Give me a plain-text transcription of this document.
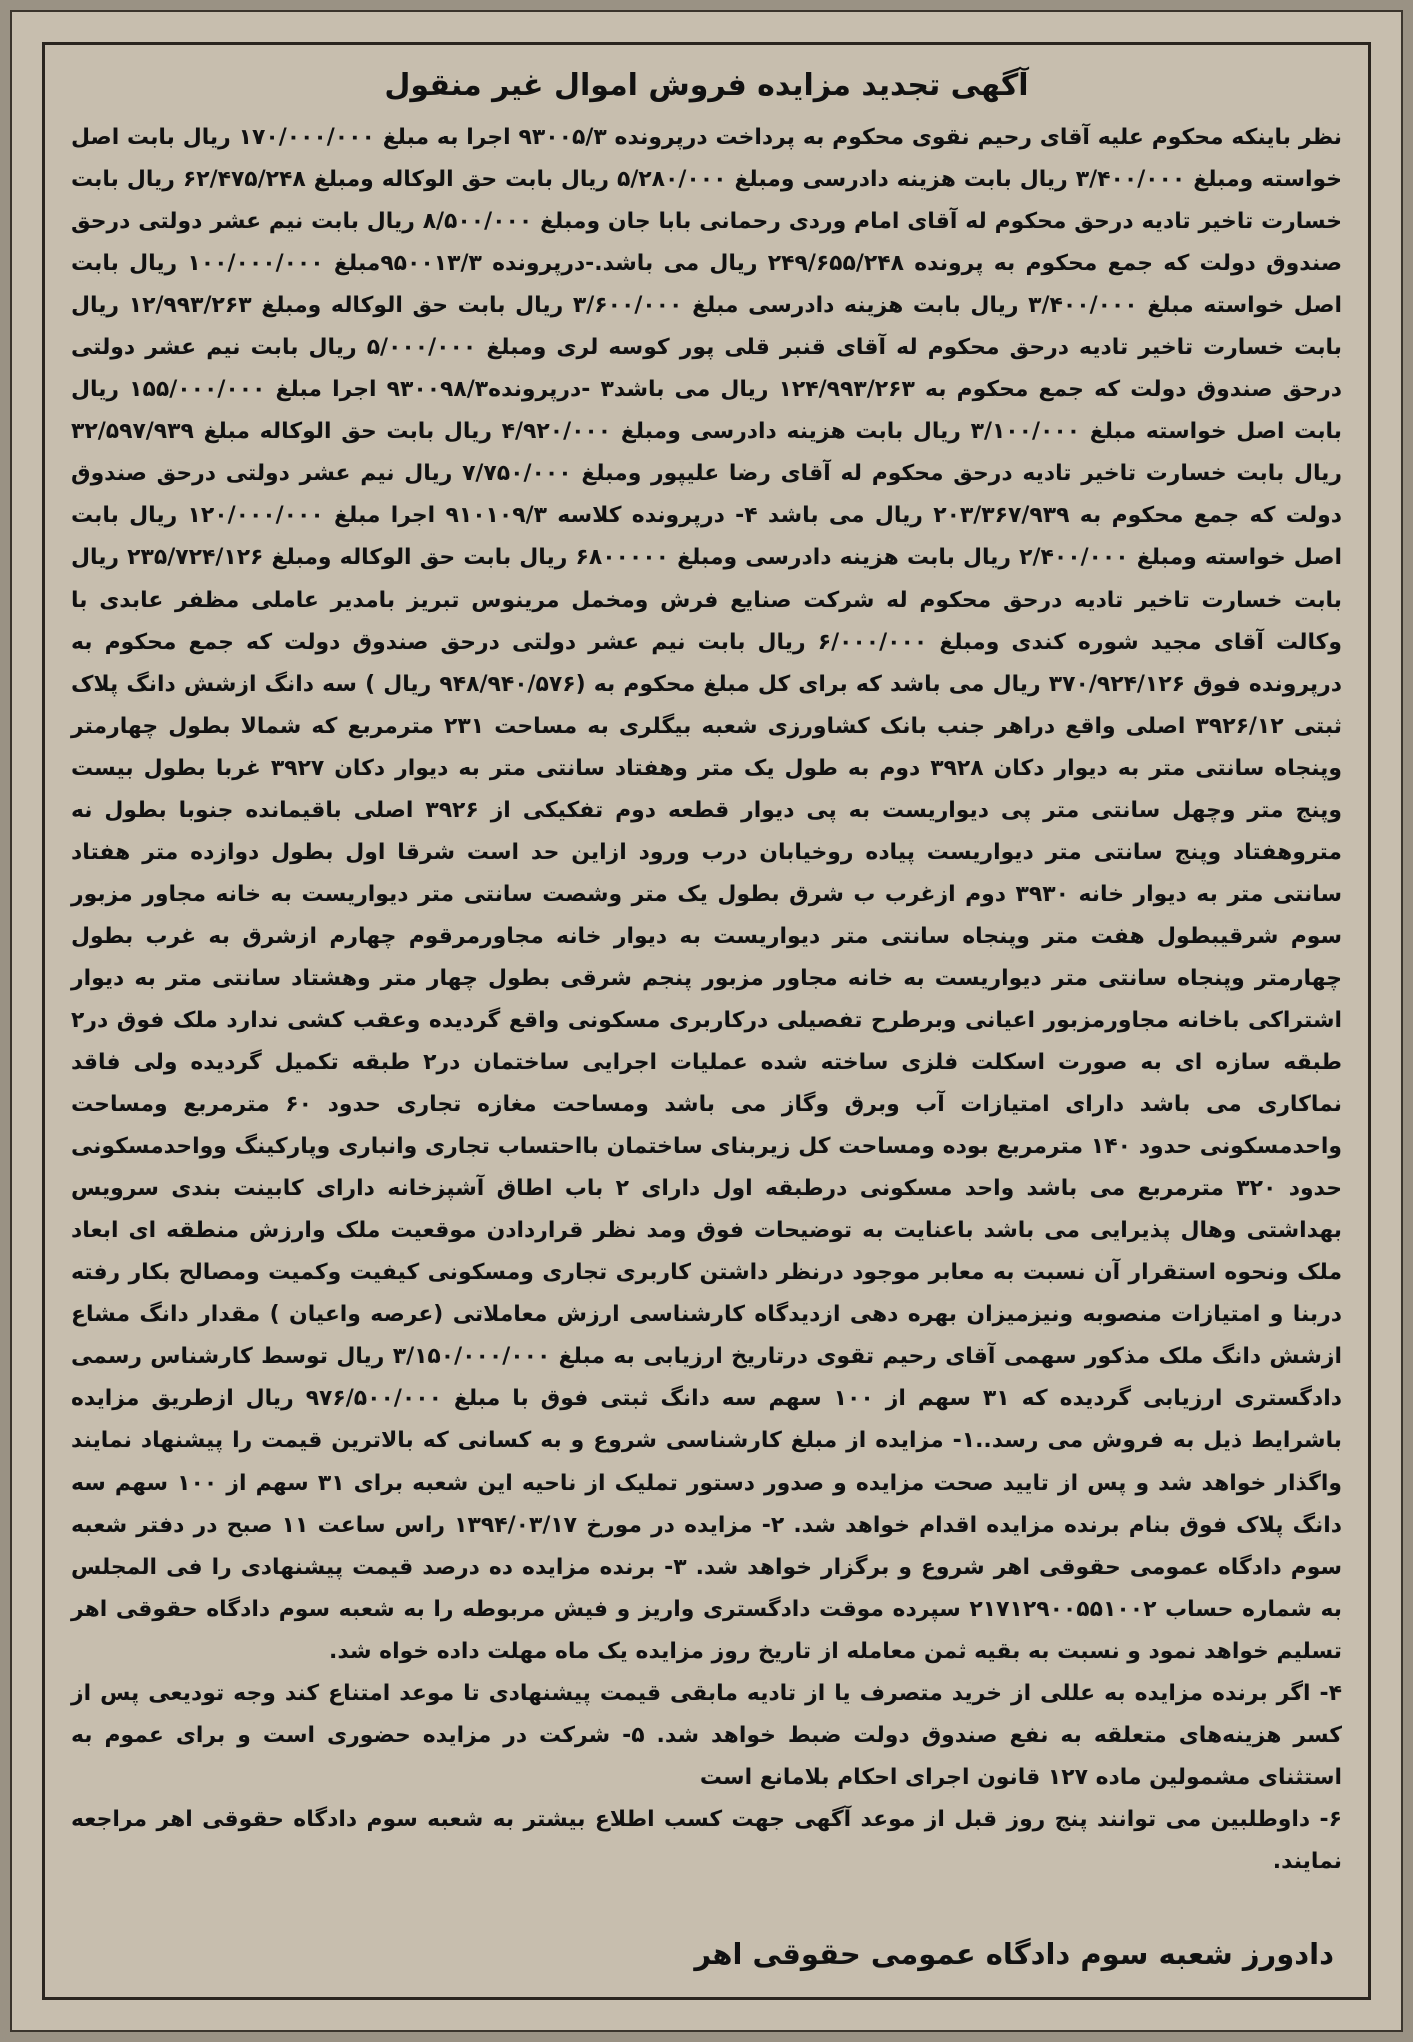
آگهی تجدید مزایده فروش اموال غیر منقول

نظر باینکه محکوم علیه آقای رحیم نقوی محکوم به پرداخت درپرونده ۹۳۰۰۵/۳ اجرا به مبلغ ۱۷۰/۰۰۰/۰۰۰ ریال بابت اصل خواسته ومبلغ ۳/۴۰۰/۰۰۰ ریال بابت هزینه دادرسی ومبلغ ۵/۲۸۰/۰۰۰ ریال بابت حق الوکاله ومبلغ ۶۲/۴۷۵/۲۴۸ ریال بابت خسارت تاخیر تادیه درحق محکوم له آقای امام وردی رحمانی بابا جان ومبلغ ۸/۵۰۰/۰۰۰ ریال بابت نیم عشر دولتی درحق صندوق دولت که جمع محکوم به پرونده ۲۴۹/۶۵۵/۲۴۸ ریال می باشد.-درپرونده ۹۵۰۰۱۳/۳مبلغ ۱۰۰/۰۰۰/۰۰۰ ریال بابت اصل خواسته مبلغ ۳/۴۰۰/۰۰۰ ریال بابت هزینه دادرسی مبلغ ۳/۶۰۰/۰۰۰ ریال بابت حق الوکاله ومبلغ ۱۲/۹۹۳/۲۶۳ ریال بابت خسارت تاخیر تادیه درحق محکوم له آقای قنبر قلی پور کوسه لری ومبلغ ۵/۰۰۰/۰۰۰ ریال بابت نیم عشر دولتی درحق صندوق دولت که جمع محکوم به ۱۲۴/۹۹۳/۲۶۳ ریال می باشد۳ -درپرونده۹۳۰۰۹۸/۳ اجرا مبلغ ۱۵۵/۰۰۰/۰۰۰ ریال بابت اصل خواسته مبلغ ۳/۱۰۰/۰۰۰ ریال بابت هزینه دادرسی ومبلغ ۴/۹۲۰/۰۰۰ ریال بابت حق الوکاله مبلغ ۳۲/۵۹۷/۹۳۹ ریال بابت خسارت تاخیر تادیه درحق محکوم له آقای رضا علیپور ومبلغ ۷/۷۵۰/۰۰۰ ریال نیم عشر دولتی درحق صندوق دولت که جمع محکوم به ۲۰۳/۳۶۷/۹۳۹ ریال می باشد ۴- درپرونده کلاسه ۹۱۰۱۰۹/۳ اجرا مبلغ ۱۲۰/۰۰۰/۰۰۰ ریال بابت اصل خواسته ومبلغ ۲/۴۰۰/۰۰۰ ریال بابت هزینه دادرسی ومبلغ ۶۸۰۰۰۰۰ ریال بابت حق الوکاله ومبلغ ۲۳۵/۷۲۴/۱۲۶ ریال بابت خسارت تاخیر تادیه درحق محکوم له شرکت صنایع فرش ومخمل مرینوس تبریز بامدیر عاملی مظفر عابدی با وکالت آقای مجید شوره کندی ومبلغ ۶/۰۰۰/۰۰۰ ریال بابت نیم عشر دولتی درحق صندوق دولت که جمع محکوم به درپرونده فوق ۳۷۰/۹۲۴/۱۲۶ ریال می باشد که برای کل مبلغ محکوم به (۹۴۸/۹۴۰/۵۷۶ ریال ) سه دانگ ازشش دانگ پلاک ثبتی ۳۹۲۶/۱۲ اصلی واقع دراهر جنب بانک کشاورزی شعبه بیگلری به مساحت ۲۳۱ مترمربع که شمالا بطول چهارمتر وپنجاه سانتی متر به دیوار دکان ۳۹۲۸ دوم به طول یک متر وهفتاد سانتی متر به دیوار دکان ۳۹۲۷ غربا بطول بیست وپنج متر وچهل سانتی متر پی دیواریست به پی دیوار قطعه دوم تفکیکی از ۳۹۲۶ اصلی باقیمانده جنوبا بطول نه متروهفتاد وپنج سانتی متر دیواریست پیاده روخیابان درب ورود ازاین حد است شرقا اول بطول دوازده متر هفتاد سانتی متر به دیوار خانه ۳۹۳۰ دوم ازغرب ب شرق بطول یک متر وشصت سانتی متر دیواریست به خانه مجاور مزبور سوم شرقیبطول هفت متر وپنجاه سانتی متر دیواریست به دیوار خانه مجاورمرقوم چهارم ازشرق به غرب بطول چهارمتر وپنجاه سانتی متر دیواریست به خانه مجاور مزبور پنجم شرقی بطول چهار متر وهشتاد سانتی متر به دیوار اشتراکی باخانه مجاورمزبور اعیانی وبرطرح تفصیلی درکاربری مسکونی واقع گردیده وعقب کشی ندارد ملک فوق در۲ طبقه سازه ای به صورت اسکلت فلزی ساخته شده عملیات اجرایی ساختمان در۲ طبقه تکمیل گردیده ولی فاقد نماکاری می باشد دارای امتیازات آب وبرق وگاز می باشد ومساحت مغازه تجاری حدود ۶۰ مترمربع ومساحت واحدمسکونی حدود ۱۴۰ مترمربع بوده ومساحت کل زیربنای ساختمان بااحتساب تجاری وانباری وپارکینگ وواحدمسکونی حدود ۳۲۰ مترمربع می باشد واحد مسکونی درطبقه اول دارای ۲ باب اطاق آشپزخانه دارای کابینت بندی سرویس بهداشتی وهال پذیرایی می باشد باعنایت به توضیحات فوق ومد نظر قراردادن موقعیت ملک وارزش منطقه ای ابعاد ملک ونحوه استقرار آن نسبت به معابر موجود درنظر داشتن کاربری تجاری ومسکونی کیفیت وکمیت ومصالح بکار رفته دربنا و امتیازات منصوبه ونیزمیزان بهره دهی ازدیدگاه کارشناسی ارزش معاملاتی (عرصه واعیان ) مقدار دانگ مشاع ازشش دانگ ملک مذکور سهمی آقای رحیم تقوی درتاریخ ارزیابی به مبلغ ۳/۱۵۰/۰۰۰/۰۰۰ ریال توسط کارشناس رسمی دادگستری ارزیابی گردیده که ۳۱ سهم از ۱۰۰ سهم سه دانگ ثبتی فوق با مبلغ ۹۷۶/۵۰۰/۰۰۰ ریال ازطریق مزایده باشرایط ذیل به فروش می رسد..۱- مزایده از مبلغ کارشناسی شروع و به کسانی که بالاترین قیمت را پیشنهاد نمایند واگذار خواهد شد و پس از تایید صحت مزایده و صدور دستور تملیک از ناحیه این شعبه برای ۳۱ سهم از ۱۰۰ سهم سه دانگ پلاک فوق بنام برنده مزایده اقدام خواهد شد. ۲- مزایده در مورخ ۱۳۹۴/۰۳/۱۷ راس ساعت ۱۱ صبح در دفتر شعبه سوم دادگاه عمومی حقوقی اهر شروع و برگزار خواهد شد. ۳- برنده مزایده ده درصد قیمت پیشنهادی را فی المجلس به شماره حساب ۲۱۷۱۲۹۰۰۵۵۱۰۰۲ سپرده موقت دادگستری واریز و فیش مربوطه را به شعبه سوم دادگاه حقوقی اهر تسلیم خواهد نمود و نسبت به بقیه ثمن معامله از تاریخ روز مزایده یک ماه مهلت داده خواه شد.

۴- اگر برنده مزایده به عللی از خرید متصرف یا از تادیه مابقی قیمت پیشنهادی تا موعد امتناع کند وجه تودیعی پس از کسر هزینه‌های متعلقه به نفع صندوق دولت ضبط خواهد شد. ۵- شرکت در مزایده حضوری است و برای عموم به استثنای مشمولین ماده ۱۲۷ قانون اجرای احکام بلامانع است

۶- داوطلبین می توانند پنج روز قبل از موعد آگهی جهت کسب اطلاع بیشتر به شعبه سوم دادگاه حقوقی اهر مراجعه نمایند.

دادورز شعبه سوم دادگاه عمومی حقوقی اهر
